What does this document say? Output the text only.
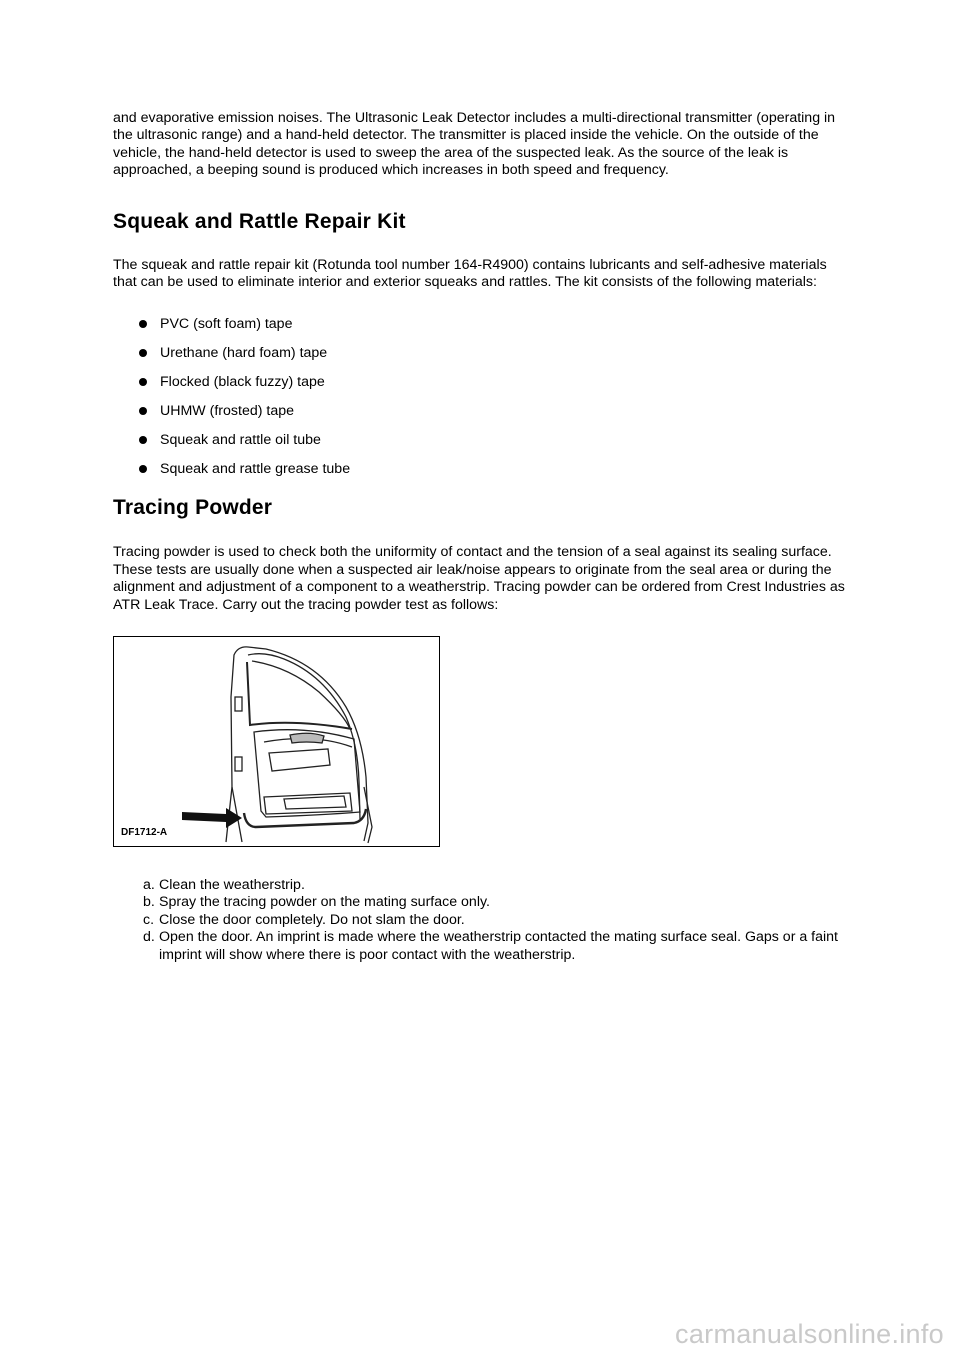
and evaporative emission noises. The Ultrasonic Leak Detector includes a multi-directional transmitter (operating in the ultrasonic range) and a hand-held detector. The transmitter is placed inside the vehicle. On the outside of the vehicle, the hand-held detector is used to sweep the area of the suspected leak. As the source of the leak is approached, a beeping sound is produced which increases in both speed and frequency.

Squeak and Rattle Repair Kit

The squeak and rattle repair kit (Rotunda tool number 164-R4900) contains lubricants and self-adhesive materials that can be used to eliminate interior and exterior squeaks and rattles. The kit consists of the following materials:

PVC (soft foam) tape
Urethane (hard foam) tape
Flocked (black fuzzy) tape
UHMW (frosted) tape
Squeak and rattle oil tube
Squeak and rattle grease tube
Tracing Powder

Tracing powder is used to check both the uniformity of contact and the tension of a seal against its sealing surface. These tests are usually done when a suspected air leak/noise appears to originate from the seal area or during the alignment and adjustment of a component to a weatherstrip. Tracing powder can be ordered from Crest Industries as ATR Leak Trace. Carry out the tracing powder test as follows:

DF1712-A
a. Clean the weatherstrip.
b. Spray the tracing powder on the mating surface only.
c. Close the door completely. Do not slam the door.
d. Open the door. An imprint is made where the weatherstrip contacted the mating surface seal. Gaps or a faint imprint will show where there is poor contact with the weatherstrip.
carmanualsonline.info
